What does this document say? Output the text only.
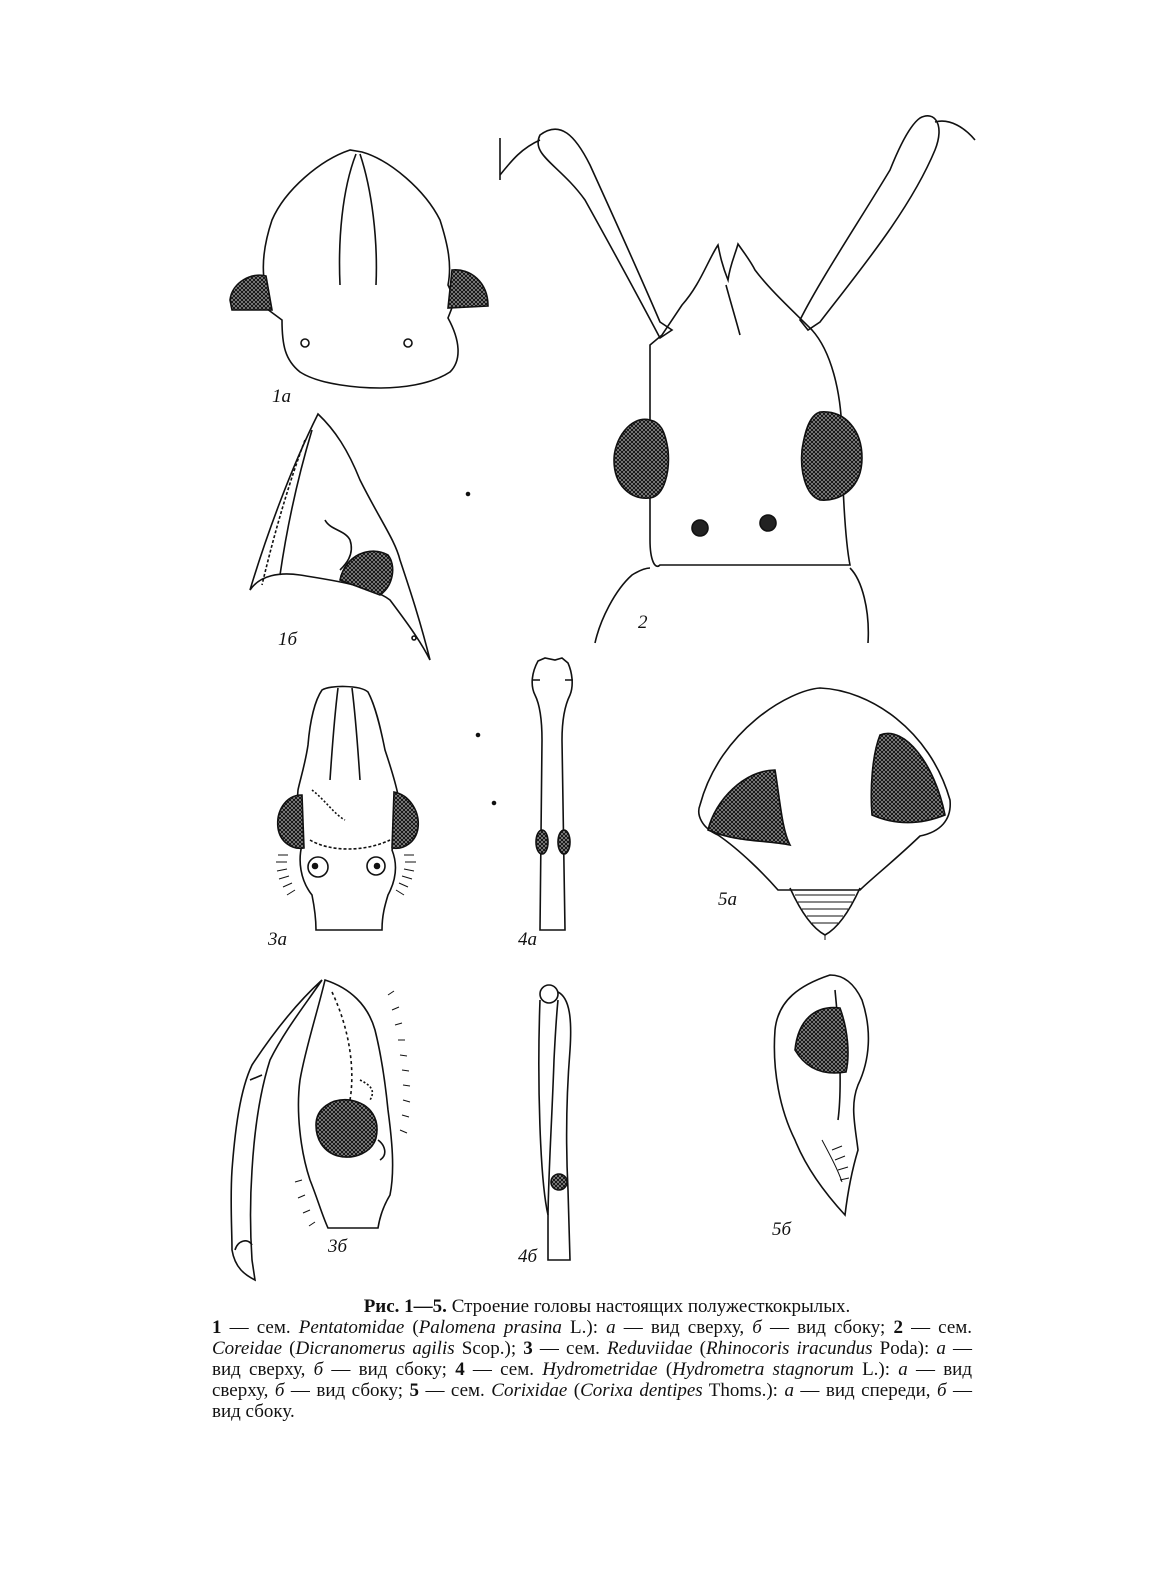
1a
1б
2
3a
3б
4a
4б
5a
5б
Рис. 1—5. Строение головы настоящих полужесткокрылых.
1 — сем. Pentatomidae (Palomena prasina L.): а — вид сверху, б — вид сбоку; 2 — сем. Coreidae (Dicranomerus agilis Scop.); 3 — сем. Reduviidae (Rhinocoris iracundus Poda): а — вид сверху, б — вид сбоку; 4 — сем. Hydrometridae (Hydrometra stagnorum L.): а — вид сверху, б — вид сбоку; 5 — сем. Corixidae (Corixa dentipes Thoms.): а — вид спереди, б — вид сбоку.
